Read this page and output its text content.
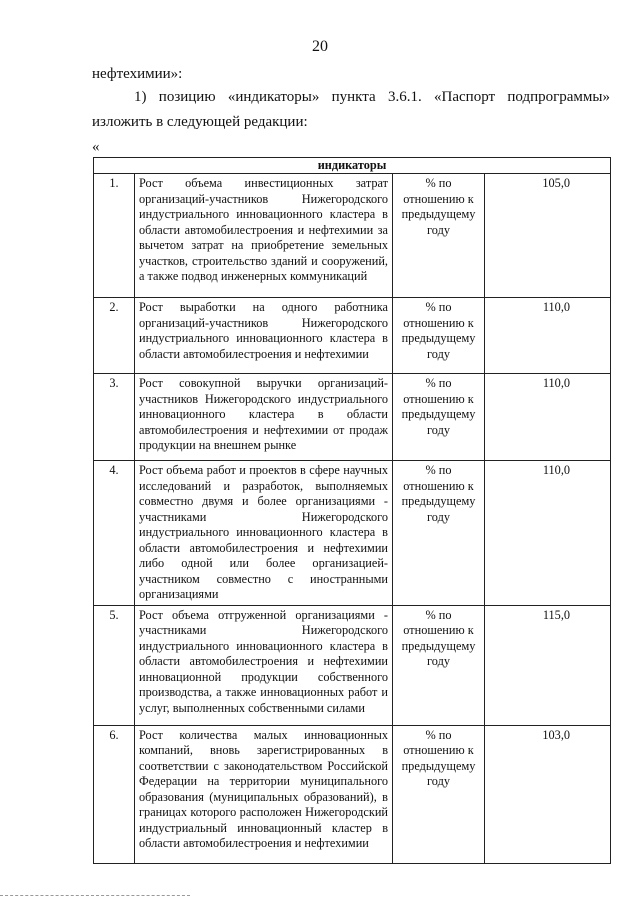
20
нефтехимии»:
1) позицию «индикаторы» пункта 3.6.1. «Паспорт подпрограммы»
изложить в следующей редакции:
«
индикаторы			
1.	Рост объема инвестиционных затрат организаций-участников Нижегородского индустриального инновационного кластера в области автомобилестроения и нефтехимии за вычетом затрат на приобретение земельных участков, строительство зданий и сооружений, а также подвод инженерных коммуникаций	% по отношению к предыдущему году	105,0
2.	Рост выработки на одного работника организаций-участников Нижегородского индустриального инновационного кластера в области автомобилестроения и нефтехимии	% по отношению к предыдущему году	110,0
3.	Рост совокупной выручки организаций-участников Нижегородского индустриального инновационного кластера в области автомобилестроения и нефтехимии от продаж продукции на внешнем рынке	% по отношению к предыдущему году	110,0
4.	Рост объема работ и проектов в сфере научных исследований и разработок, выполняемых совместно двумя и более организациями - участниками Нижегородского индустриального инновационного кластера в области автомобилестроения и нефтехимии либо одной или более организацией-участником совместно с иностранными организациями	% по отношению к предыдущему году	110,0
5.	Рост объема отгруженной организациями - участниками Нижегородского индустриального инновационного кластера в области автомобилестроения и нефтехимии инновационной продукции собственного производства, а также инновационных работ и услуг, выполненных собственными силами	% по отношению к предыдущему году	115,0
6.	Рост количества малых инновационных компаний, вновь зарегистрированных в соответствии с законодательством Российской Федерации на территории муниципального образования (муниципальных образований), в границах которого расположен Нижегородский индустриальный инновационный кластер в области автомобилестроения и нефтехимии	% по отношению к предыдущему году	103,0
